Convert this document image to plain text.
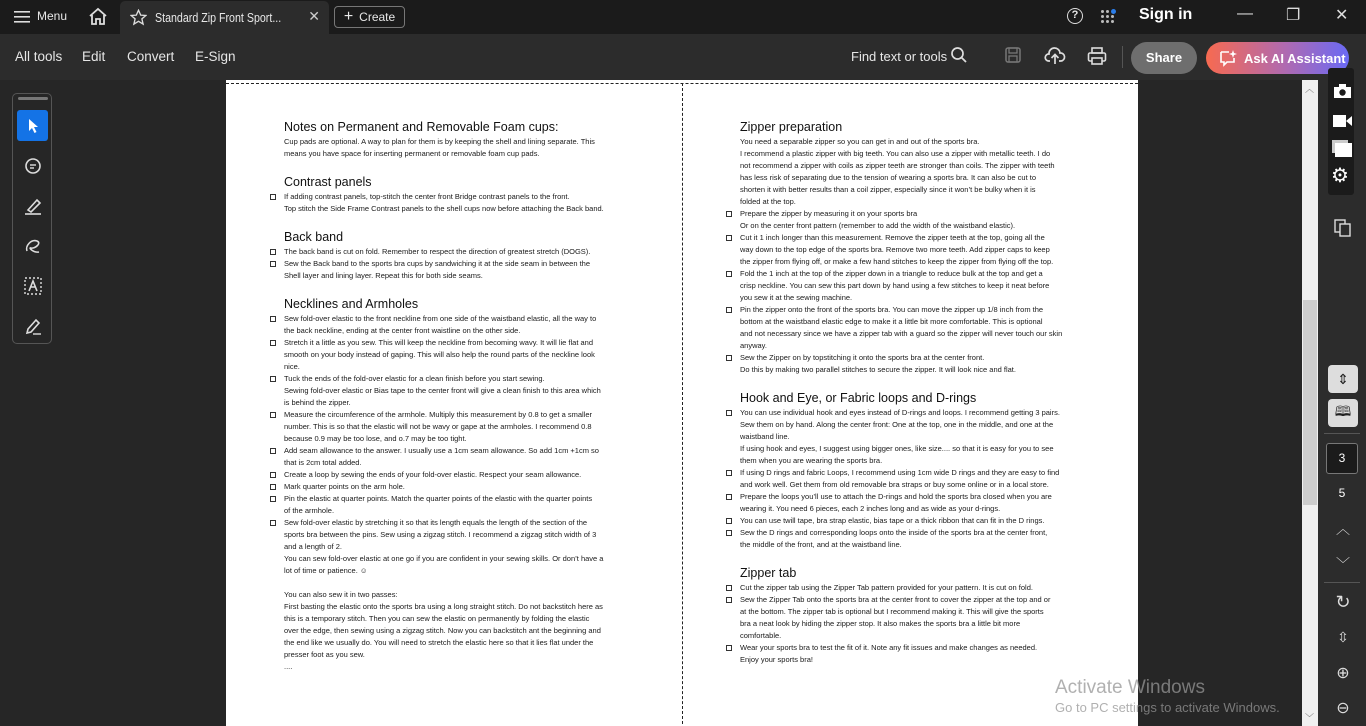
Menu	Standard Zip Front Sport... ✕ + Create	?	Sign in	— ❐ ✕
All tools Edit Convert E-Sign	Find text or tools	Share	Ask AI Assistant
Notes on Permanent and Removable Foam cups:
Cup pads are optional. A way to plan for them is by keeping the shell and lining separate. This
means you have space for inserting permanent or removable foam cup pads.
Contrast panels
If adding contrast panels, top-stitch the center front Bridge contrast panels to the front.
Top stitch the Side Frame Contrast panels to the shell cups now before attaching the Back band.
Back band
The back band is cut on fold. Remember to respect the direction of greatest stretch (DOGS).
Sew the Back band to the sports bra cups by sandwiching it at the side seam in between the
Shell layer and lining layer. Repeat this for both side seams.
Necklines and Armholes
Sew fold-over elastic to the front neckline from one side of the waistband elastic, all the way to
the back neckline, ending at the center front waistline on the other side.
Stretch it a little as you sew. This will keep the neckline from becoming wavy. It will lie flat and
smooth on your body instead of gaping. This will also help the round parts of the neckline look
nice.
Tuck the ends of the fold-over elastic for a clean finish before you start sewing.
Sewing fold-over elastic or Bias tape to the center front will give a clean finish to this area which
is behind the zipper.
Measure the circumference of the armhole. Multiply this measurement by 0.8 to get a smaller
number. This is so that the elastic will not be wavy or gape at the armholes. I recommend 0.8
because 0.9 may be too lose, and o.7 may be too tight.
Add seam allowance to the answer. I usually use a 1cm seam allowance. So add 1cm +1cm so
that is 2cm total added.
Create a loop by sewing the ends of your fold-over elastic. Respect your seam allowance.
Mark quarter points on the arm hole.
Pin the elastic at quarter points. Match the quarter points of the elastic with the quarter points
of the armhole.
Sew fold-over elastic by stretching it so that its length equals the length of the section of the
sports bra between the pins. Sew using a zigzag stitch. I recommend a zigzag stitch width of 3
and a length of 2.
You can sew fold-over elastic at one go if you are confident in your sewing skills. Or don’t have a
lot of time or patience. ☺
You can also sew it in two passes:
First basting the elastic onto the sports bra using a long straight stitch. Do not backstitch here as
this is a temporary stitch. Then you can sew the elastic on permanently by folding the elastic
over the edge, then sewing using a zigzag stitch. Now you can backstitch ant the beginning and
the end like we usually do. You will need to stretch the elastic here so that it lies flat under the
presser foot as you sew.
....
Zipper preparation
You need a separable zipper so you can get in and out of the sports bra.
I recommend a plastic zipper with big teeth. You can also use a zipper with metallic teeth. I do
not recommend a zipper with coils as zipper teeth are stronger than coils. The zipper with teeth
has less risk of separating due to the tension of wearing a sports bra. It can also be cut to
shorten it with better results than a coil zipper, especially since it won’t be bulky when it is
folded at the top.
Prepare the zipper by measuring it on your sports bra
Or on the center front pattern (remember to add the width of the waistband elastic).
Cut it 1 inch longer than this measurement. Remove the zipper teeth at the top, going all the
way down to the top edge of the sports bra. Remove two more teeth. Add zipper caps to keep
the zipper from flying off, or make a few hand stitches to keep the zipper from flying off the top.
Fold the 1 inch at the top of the zipper down in a triangle to reduce bulk at the top and get a
crisp neckline. You can sew this part down by hand using a few stitches to keep it neat before
you sew it at the sewing machine.
Pin the zipper onto the front of the sports bra. You can move the zipper up 1/8 inch from the
bottom at the waistband elastic edge to make it a little bit more comfortable. This is optional
and not necessary since we have a zipper tab with a guard so the zipper will never touch our skin
anyway.
Sew the Zipper on by topstitching it onto the sports bra at the center front.
Do this by making two parallel stitches to secure the zipper. It will look nice and flat.
Hook and Eye, or Fabric loops and D-rings
You can use individual hook and eyes instead of D-rings and loops. I recommend getting 3 pairs.
Sew them on by hand. Along the center front: One at the top, one in the middle, and one at the
waistband line.
If using hook and eyes, I suggest using bigger ones, like size.... so that it is easy for you to see
them when you are wearing the sports bra.
If using D rings and fabric Loops, I recommend using 1cm wide D rings and they are easy to find
and work well. Get them from old removable bra straps or buy some online or in a local store.
Prepare the loops you’ll use to attach the D-rings and hold the sports bra closed when you are
wearing it. You need 6 pieces, each 2 inches long and as wide as your d-rings.
You can use twill tape, bra strap elastic, bias tape or a thick ribbon that can fit in the D rings.
Sew the D rings and corresponding loops onto the inside of the sports bra at the center front,
the middle of the front, and at the waistband line.
Zipper tab
Cut the zipper tab using the Zipper Tab pattern provided for your pattern. It is cut on fold.
Sew the Zipper Tab onto the sports bra at the center front to cover the zipper at the top and or
at the bottom. The zipper tab is optional but I recommend making it. This will give the sports
bra a neat look by hiding the zipper stop. It also makes the sports bra a little bit more
comfortable.
Wear your sports bra to test the fit of it. Note any fit issues and make changes as needed.
Enjoy your sports bra!
︿
﹀
⚙
⇕
🕮
3
5
︿
﹀
↻
⇳
⊕
⊖
Activate Windows
Go to PC settings to activate Windows.
